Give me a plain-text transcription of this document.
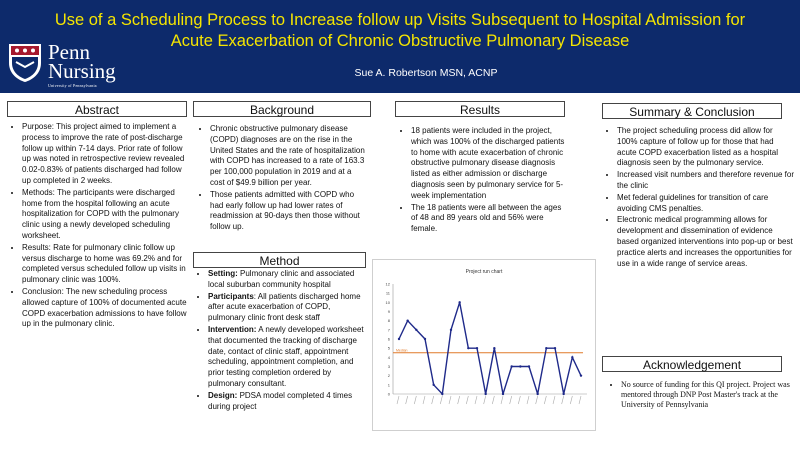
Use of a Scheduling Process to Increase follow up Visits Subsequent to Hospital Admission for
Acute Exacerbation of Chronic Obstructive Pulmonary Disease
Penn
Nursing
University of Pennsylvania
Sue A. Robertson MSN, ACNP
Abstract
• Purpose: This project aimed to implement a process to improve the rate of post-discharge follow up within 7-14 days. Prior rate of follow up was noted in retrospective review revealed 0.02-0.83% of patients discharged had follow up completed in 2 weeks.
• Methods: The participants were discharged home from the hospital following an acute hospitalization for COPD with the pulmonary clinic using a newly developed scheduling worksheet.
• Results: Rate for pulmonary clinic follow up versus discharge to home was 69.2% and for completed versus scheduled follow up visits in pulmonary clinic was 100%.
• Conclusion: The new scheduling process allowed capture of 100% of documented acute COPD exacerbation admissions to have follow up in the pulmonary clinic.
Background
• Chronic obstructive pulmonary disease (COPD) diagnoses are on the rise in the United States and the rate of hospitalization with COPD has increased to a rate of 163.3 per 100,000 population in 2019 and at a cost of $49.9 billion per year.
• Those patients admitted with COPD who had early follow up had lower rates of readmission at 90-days then those without follow up.
Method
• Setting: Pulmonary clinic and associated local suburban community hospital
• Participants: All patients discharged home after acute exacerbation of COPD, pulmonary clinic front desk staff
• Intervention: A newly developed worksheet that documented the tracking of discharge date, contact of clinic staff, appointment scheduling, appointment completion, and prior testing completion ordered by pulmonary consultant.
• Design: PDSA model completed 4 times during project
Results
• 18 patients were included in the project, which was 100% of the discharged patients to home with acute exacerbation of chronic obstructive pulmonary disease diagnosis listed as either admission or discharge diagnosis seen by pulmonary service for 5-week implementation
• The 18 patients were all between the ages of 48 and 89 years old and 56% were female.
Project run chart
0
1
2
3
4
5
6
7
8
9
10
11
12
Median
Summary & Conclusion
• The project scheduling process did allow for 100% capture of follow up for those that had acute COPD exacerbation listed as a hospital diagnosis seen by the pulmonary service.
• Increased visit numbers and therefore revenue for the clinic
• Met federal guidelines for transition of care avoiding CMS penalties.
• Electronic medical programming allows for development and dissemination of evidence based organized interventions into pop-up or best practice alerts and increases the opportunities for use in a wide range of service areas.
Acknowledgement
• No source of funding for this QI project. Project was mentored through DNP Post Master's track at the University of Pennsylvania
